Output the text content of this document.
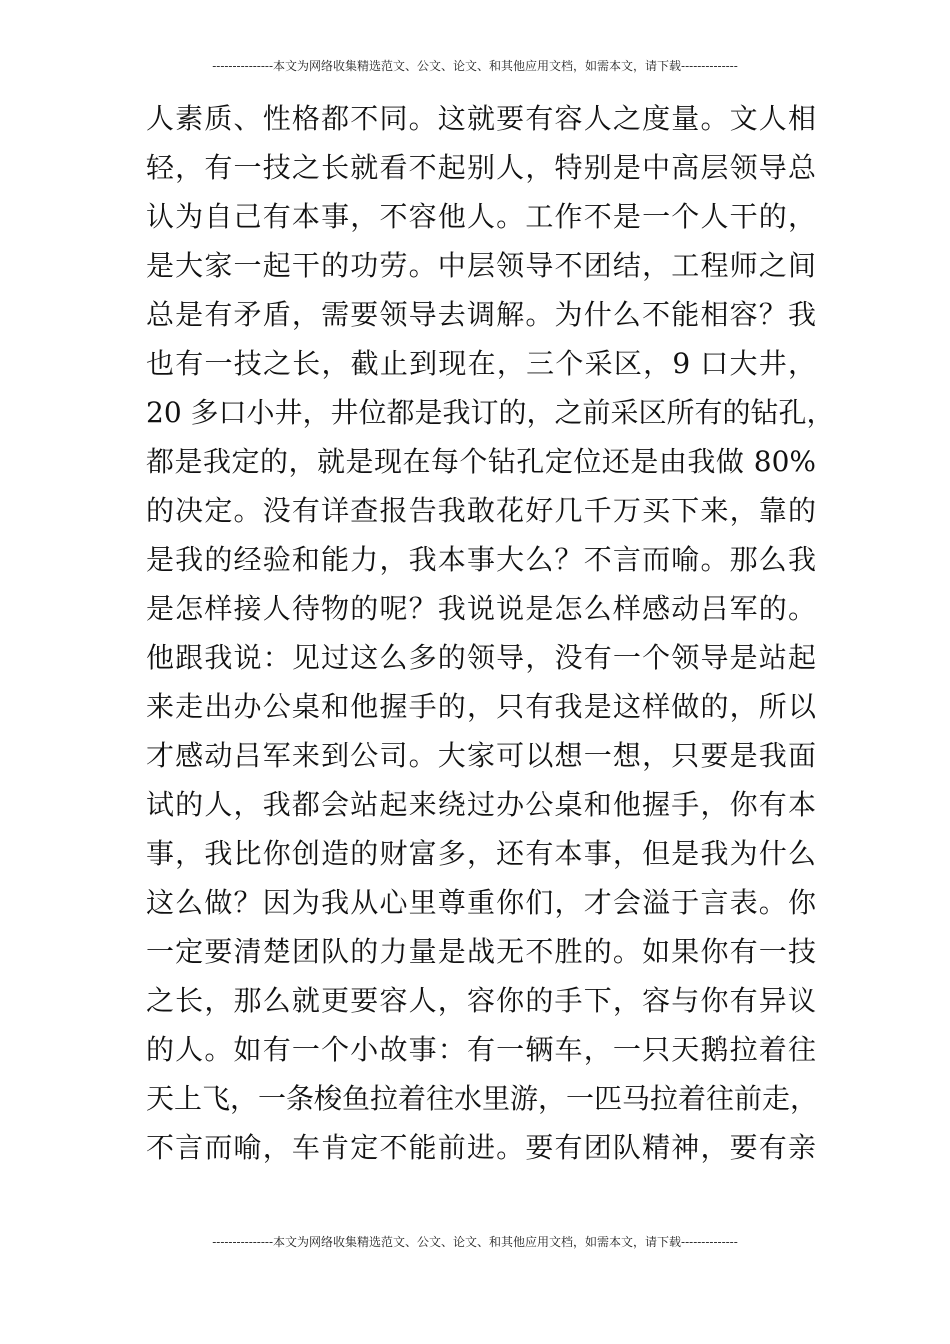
---------------本文为网络收集精选范文、公文、论文、和其他应用文档，如需本文，请下载--------------
人素质、性格都不同。这就要有容人之度量。文人相
轻，有一技之长就看不起别人，特别是中高层领导总
认为自己有本事，不容他人。工作不是一个人干的，
是大家一起干的功劳。中层领导不团结，工程师之间
总是有矛盾，需要领导去调解。为什么不能相容？我
也有一技之长，截止到现在，三个采区，9 口大井，
20 多口小井，井位都是我订的，之前采区所有的钻孔，
都是我定的，就是现在每个钻孔定位还是由我做 80%
的决定。没有详查报告我敢花好几千万买下来，靠的
是我的经验和能力，我本事大么？不言而喻。那么我
是怎样接人待物的呢？我说说是怎么样感动吕军的。
他跟我说：见过这么多的领导，没有一个领导是站起
来走出办公桌和他握手的，只有我是这样做的，所以
才感动吕军来到公司。大家可以想一想，只要是我面
试的人，我都会站起来绕过办公桌和他握手，你有本
事，我比你创造的财富多，还有本事，但是我为什么
这么做？因为我从心里尊重你们，才会溢于言表。你
一定要清楚团队的力量是战无不胜的。如果你有一技
之长，那么就更要容人，容你的手下，容与你有异议
的人。如有一个小故事：有一辆车，一只天鹅拉着往
天上飞，一条梭鱼拉着往水里游，一匹马拉着往前走，
不言而喻，车肯定不能前进。要有团队精神，要有亲
---------------本文为网络收集精选范文、公文、论文、和其他应用文档，如需本文，请下载--------------
